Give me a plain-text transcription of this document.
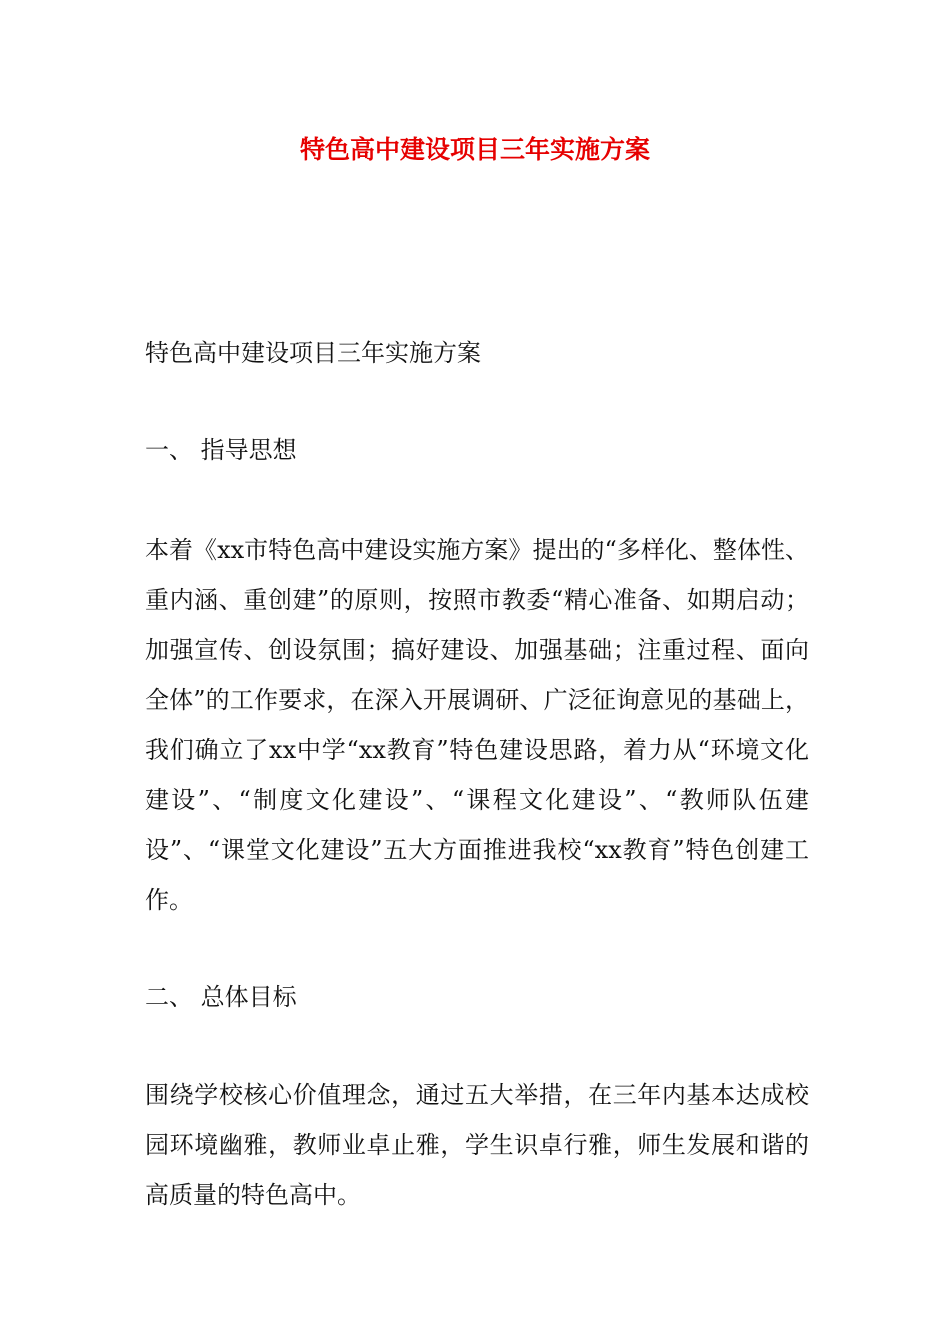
特色高中建设项目三年实施方案

特色高中建设项目三年实施方案

一、 指导思想

本着《xx市特色高中建设实施方案》提出的“多样化、整体性、重内涵、重创建”的原则，按照市教委“精心准备、如期启动；加强宣传、创设氛围；搞好建设、加强基础；注重过程、面向全体”的工作要求，在深入开展调研、广泛征询意见的基础上，我们确立了xx中学“xx教育”特色建设思路，着力从“环境文化建设”、“制度文化建设”、“课程文化建设”、“教师队伍建设”、“课堂文化建设”五大方面推进我校“xx教育”特色创建工作。

二、 总体目标

围绕学校核心价值理念，通过五大举措，在三年内基本达成校园环境幽雅，教师业卓止雅，学生识卓行雅，师生发展和谐的高质量的特色高中。
